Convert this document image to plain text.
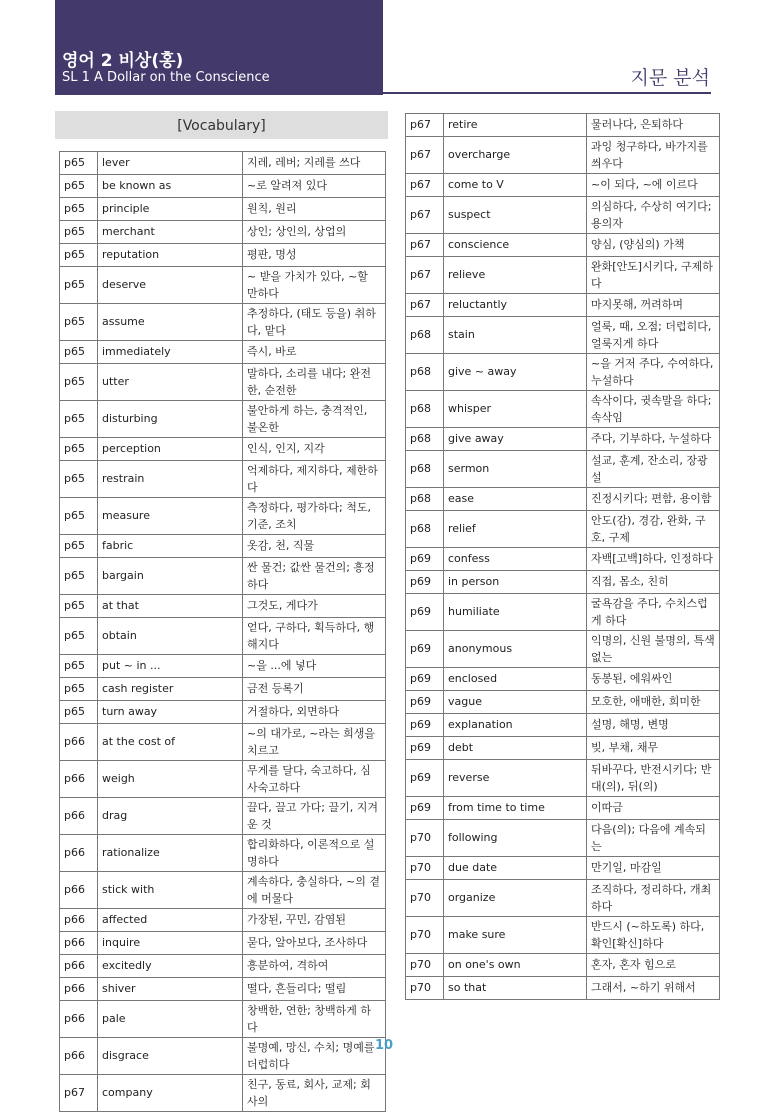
영어 2 비상(홍)
SL 1 A Dollar on the Conscience	지문 분석
[Vocabulary]
p65	lever	지레, 레버; 지레를 쓰다
p65	be known as	~로 알려져 있다
p65	principle	원칙, 원리
p65	merchant	상인; 상인의, 상업의
p65	reputation	평판, 명성
p65	deserve	~ 받을 가치가 있다, ~할 만하다
p65	assume	추정하다, (태도 등을) 취하다, 맡다
p65	immediately	즉시, 바로
p65	utter	말하다, 소리를 내다; 완전한, 순전한
p65	disturbing	불안하게 하는, 충격적인, 불온한
p65	perception	인식, 인지, 지각
p65	restrain	억제하다, 제지하다, 제한하다
p65	measure	측정하다, 평가하다; 척도, 기준, 조치
p65	fabric	옷감, 천, 직물
p65	bargain	싼 물건; 값싼 물건의; 흥정하다
p65	at that	그것도, 게다가
p65	obtain	얻다, 구하다, 획득하다, 행해지다
p65	put ~ in ...	~을 ...에 넣다
p65	cash register	금전 등록기
p65	turn away	거절하다, 외면하다
p66	at the cost of	~의 대가로, ~라는 희생을 치르고
p66	weigh	무게를 달다, 숙고하다, 심사숙고하다
p66	drag	끌다, 끌고 가다; 끌기, 지겨운 것
p66	rationalize	합리화하다, 이론적으로 설명하다
p66	stick with	계속하다, 충실하다, ~의 곁에 머물다
p66	affected	가장된, 꾸민, 감염된
p66	inquire	묻다, 알아보다, 조사하다
p66	excitedly	흥분하여, 격하여
p66	shiver	떨다, 흔들리다; 떨림
p66	pale	창백한, 연한; 창백하게 하다
p66	disgrace	불명예, 망신, 수치; 명예를 더럽히다
p67	company	친구, 동료, 회사, 교제; 회사의
p67	retire	물러나다, 은퇴하다
p67	overcharge	과잉 청구하다, 바가지를 씌우다
p67	come to V	~이 되다, ~에 이르다
p67	suspect	의심하다, 수상히 여기다; 용의자
p67	conscience	양심, (양심의) 가책
p67	relieve	완화[안도]시키다, 구제하다
p67	reluctantly	마지못해, 꺼려하며
p68	stain	얼룩, 때, 오점; 더럽히다, 얼룩지게 하다
p68	give ~ away	~을 거저 주다, 수여하다, 누설하다
p68	whisper	속삭이다, 귓속말을 하다; 속삭임
p68	give away	주다, 기부하다, 누설하다
p68	sermon	설교, 훈계, 잔소리, 장광설
p68	ease	진정시키다; 편함, 용이함
p68	relief	안도(감), 경감, 완화, 구호, 구제
p69	confess	자백[고백]하다, 인정하다
p69	in person	직접, 몸소, 친히
p69	humiliate	굴욕감을 주다, 수치스럽게 하다
p69	anonymous	익명의, 신원 불명의, 특색 없는
p69	enclosed	동봉된, 에워싸인
p69	vague	모호한, 애매한, 희미한
p69	explanation	설명, 해명, 변명
p69	debt	빚, 부채, 채무
p69	reverse	뒤바꾸다, 반전시키다; 반대(의), 뒤(의)
p69	from time to time	이따금
p70	following	다음(의); 다음에 계속되는
p70	due date	만기일, 마감일
p70	organize	조직하다, 정리하다, 개최하다
p70	make sure	반드시 (~하도록) 하다, 확인[확신]하다
p70	on one's own	혼자, 혼자 힘으로
p70	so that	그래서, ~하기 위해서
10
